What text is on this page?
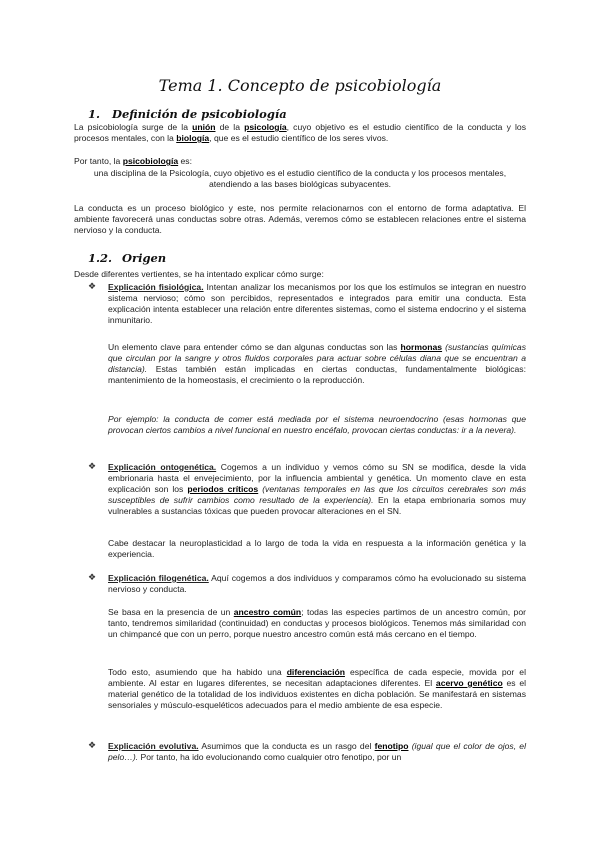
Tema 1. Concepto de psicobiología
1. Definición de psicobiología

La psicobiología surge de la unión de la psicología, cuyo objetivo es el estudio científico de la conducta y los procesos mentales, con la biología, que es el estudio científico de los seres vivos.

Por tanto, la psicobiología es:

una disciplina de la Psicología, cuyo objetivo es el estudio científico de la conducta y los procesos mentales, atendiendo a las bases biológicas subyacentes.

La conducta es un proceso biológico y este, nos permite relacionarnos con el entorno de forma adaptativa. El ambiente favorecerá unas conductas sobre otras. Además, veremos cómo se establecen relaciones entre el sistema nervioso y la conducta.

1.2. Origen

Desde diferentes vertientes, se ha intentado explicar cómo surge:

❖ Explicación fisiológica. Intentan analizar los mecanismos por los que los estímulos se integran en nuestro sistema nervioso; cómo son percibidos, representados e integrados para emitir una conducta. Esta explicación intenta establecer una relación entre diferentes sistemas, como el sistema endocrino y el sistema inmunitario.

Un elemento clave para entender cómo se dan algunas conductas son las hormonas (sustancias químicas que circulan por la sangre y otros fluidos corporales para actuar sobre células diana que se encuentran a distancia). Estas también están implicadas en ciertas conductas, fundamentalmente biológicas: mantenimiento de la homeostasis, el crecimiento o la reproducción.

Por ejemplo: la conducta de comer está mediada por el sistema neuroendocrino (esas hormonas que provocan ciertos cambios a nivel funcional en nuestro encéfalo, provocan ciertas conductas: ir a la nevera).

❖ Explicación ontogenética. Cogemos a un individuo y vemos cómo su SN se modifica, desde la vida embrionaria hasta el envejecimiento, por la influencia ambiental y genética. Un momento clave en esta explicación son los periodos críticos (ventanas temporales en las que los circuitos cerebrales son más susceptibles de sufrir cambios como resultado de la experiencia). En la etapa embrionaria somos muy vulnerables a sustancias tóxicas que pueden provocar alteraciones en el SN.

Cabe destacar la neuroplasticidad a lo largo de toda la vida en respuesta a la información genética y la experiencia.

❖ Explicación filogenética. Aquí cogemos a dos individuos y comparamos cómo ha evolucionado su sistema nervioso y conducta.

Se basa en la presencia de un ancestro común; todas las especies partimos de un ancestro común, por tanto, tendremos similaridad (continuidad) en conductas y procesos biológicos. Tenemos más similaridad con un chimpancé que con un perro, porque nuestro ancestro común está más cercano en el tiempo.

Todo esto, asumiendo que ha habido una diferenciación específica de cada especie, movida por el ambiente. Al estar en lugares diferentes, se necesitan adaptaciones diferentes. El acervo genético es el material genético de la totalidad de los individuos existentes en dicha población. Se manifestará en sistemas sensoriales y músculo-esqueléticos adecuados para el medio ambiente de esa especie.

❖ Explicación evolutiva. Asumimos que la conducta es un rasgo del fenotipo (igual que el color de ojos, el pelo…). Por tanto, ha ido evolucionando como cualquier otro fenotipo, por un
